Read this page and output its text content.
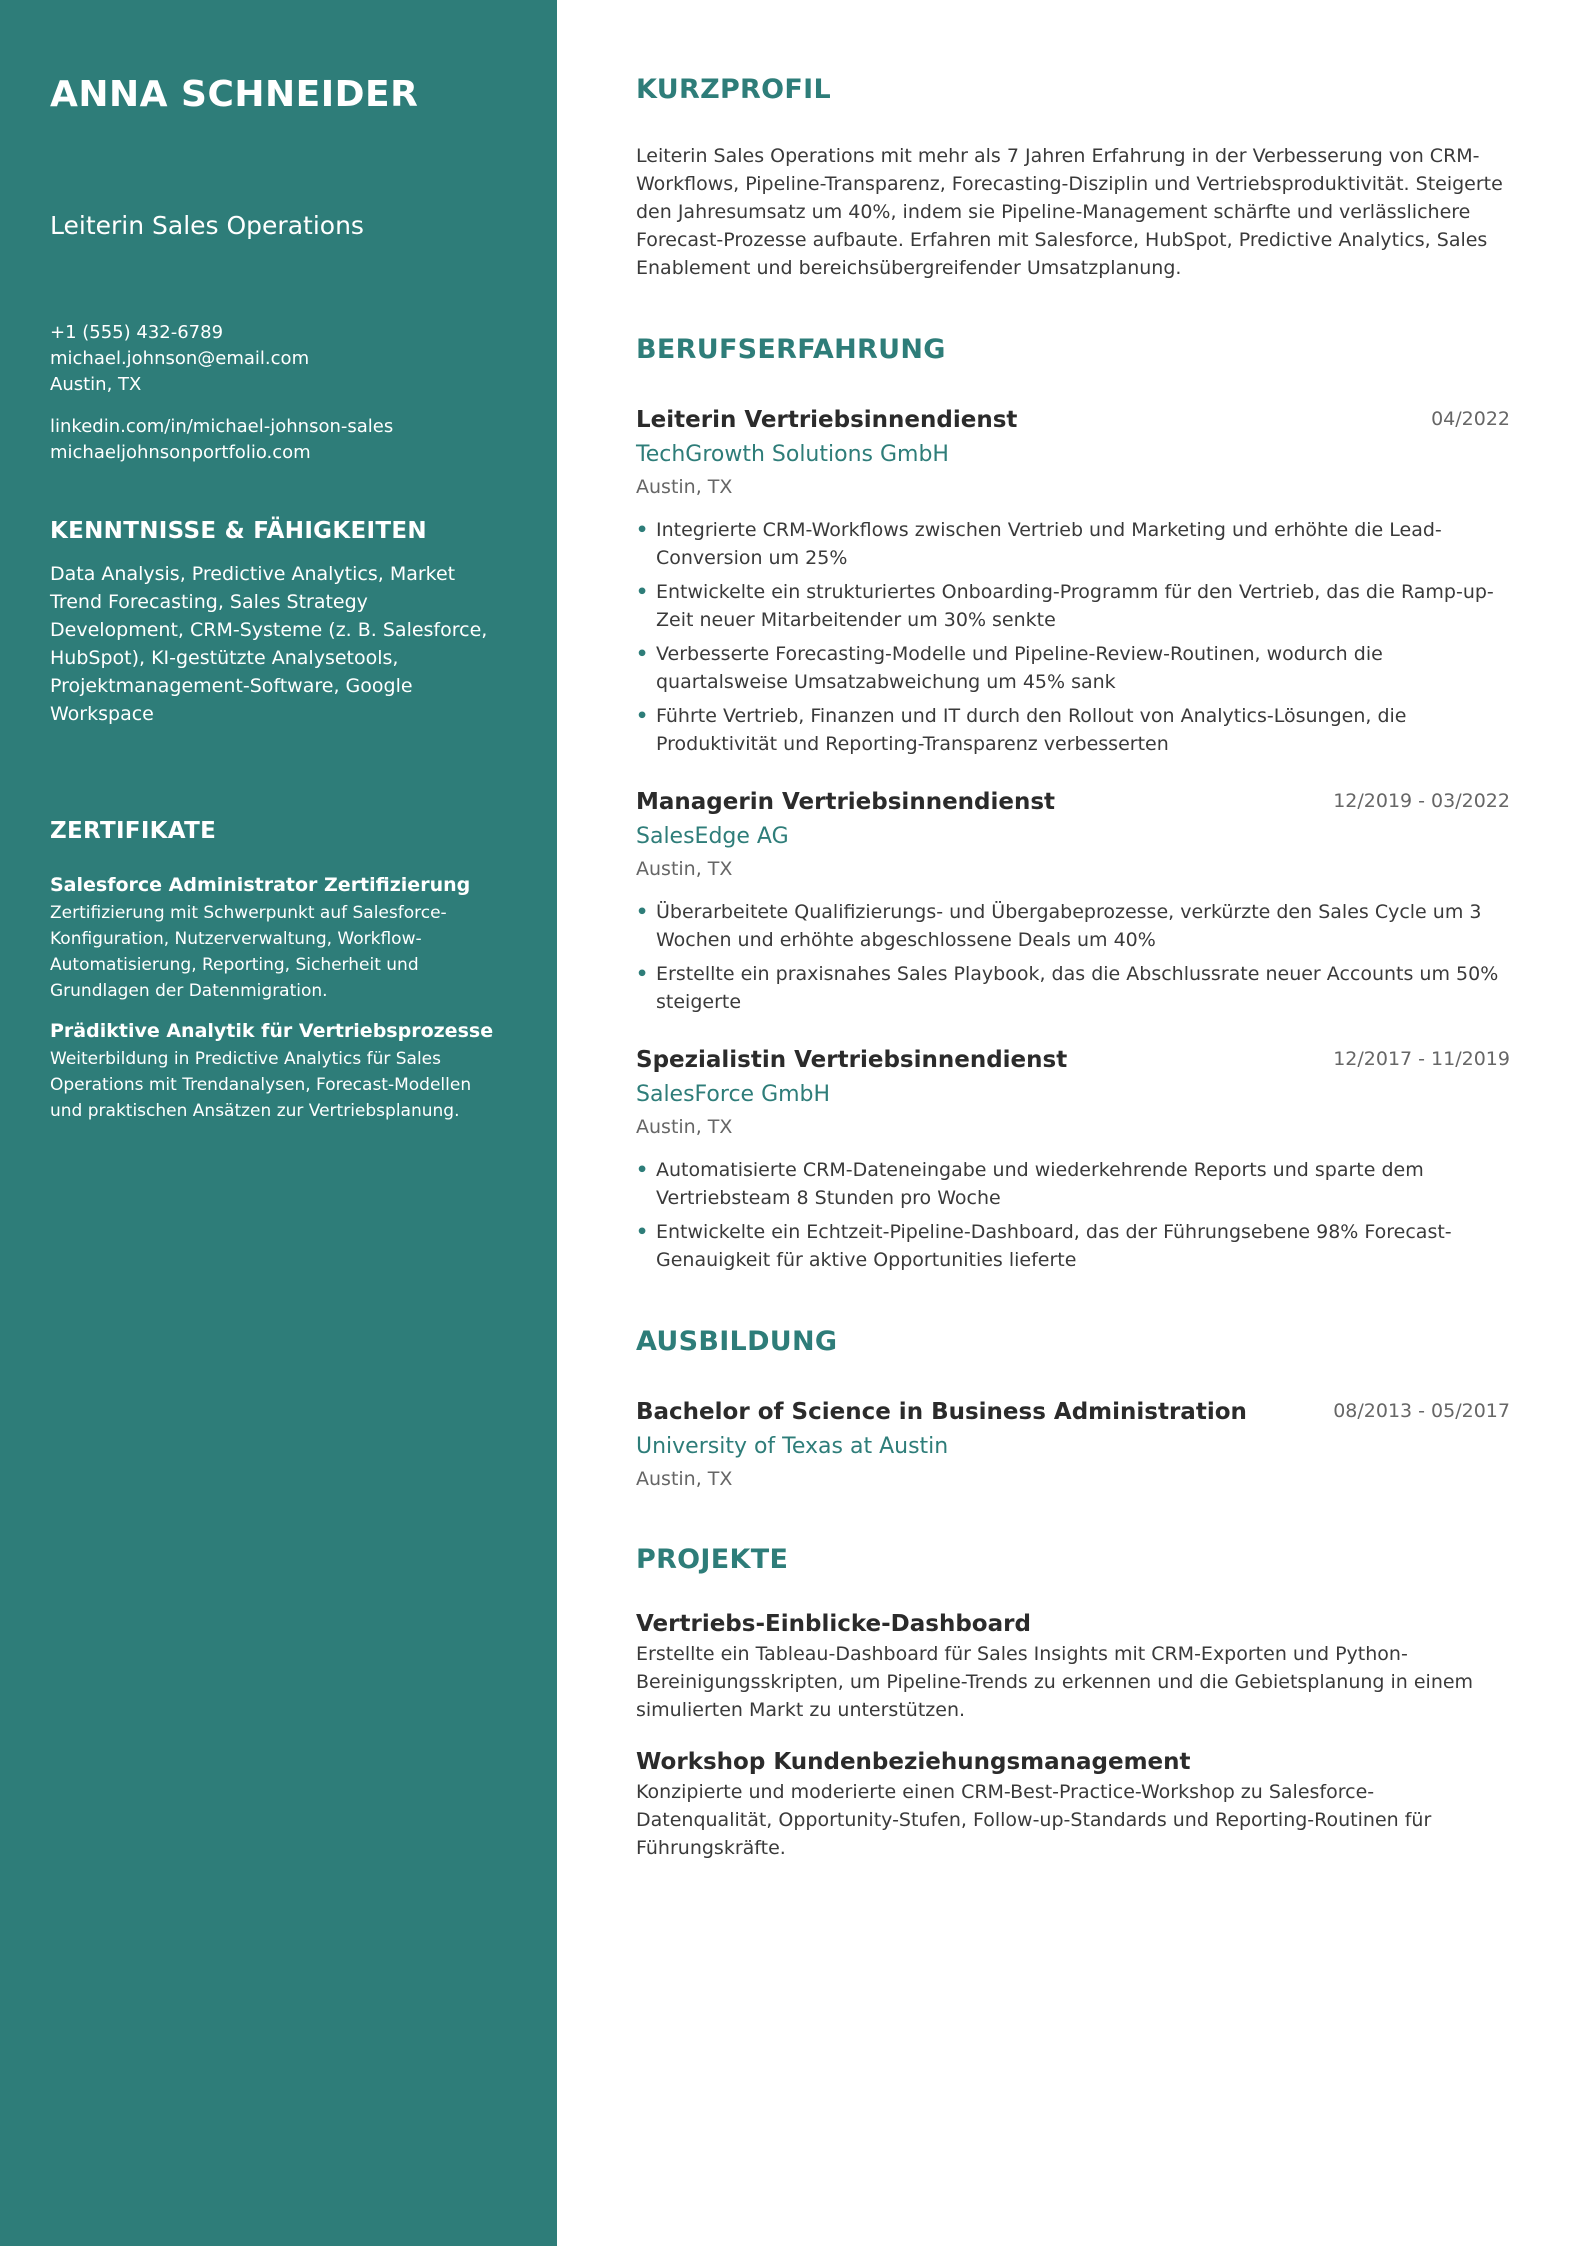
ANNA SCHNEIDER
Leiterin Sales Operations
+1 (555) 432-6789
michael.johnson@email.com
Austin, TX
linkedin.com/in/michael-johnson-sales
michaeljohnsonportfolio.com
KENNTNISSE & FÄHIGKEITEN
Data Analysis, Predictive Analytics, Market Trend Forecasting, Sales Strategy Development, CRM-Systeme (z. B. Salesforce, HubSpot), KI-gestützte Analysetools, Projektmanagement-Software, Google Workspace
ZERTIFIKATE
Salesforce Administrator Zertifizierung
Zertifizierung mit Schwerpunkt auf Salesforce-Konfiguration, Nutzerverwaltung, Workflow-Automatisierung, Reporting, Sicherheit und Grundlagen der Datenmigration.
Prädiktive Analytik für Vertriebsprozesse
Weiterbildung in Predictive Analytics für Sales Operations mit Trendanalysen, Forecast-Modellen und praktischen Ansätzen zur Vertriebsplanung.
KURZPROFIL
Leiterin Sales Operations mit mehr als 7 Jahren Erfahrung in der Verbesserung von CRM-Workflows, Pipeline-Transparenz, Forecasting-Disziplin und Vertriebsproduktivität. Steigerte den Jahresumsatz um 40%, indem sie Pipeline-Management schärfte und verlässlichere Forecast-Prozesse aufbaute. Erfahren mit Salesforce, HubSpot, Predictive Analytics, Sales Enablement und bereichsübergreifender Umsatzplanung.
BERUFSERFAHRUNG
Leiterin Vertriebsinnendienst	04/2022
TechGrowth Solutions GmbH
Austin, TX
• Integrierte CRM-Workflows zwischen Vertrieb und Marketing und erhöhte die Lead-Conversion um 25%
• Entwickelte ein strukturiertes Onboarding-Programm für den Vertrieb, das die Ramp-up-Zeit neuer Mitarbeitender um 30% senkte
• Verbesserte Forecasting-Modelle und Pipeline-Review-Routinen, wodurch die quartalsweise Umsatzabweichung um 45% sank
• Führte Vertrieb, Finanzen und IT durch den Rollout von Analytics-Lösungen, die Produktivität und Reporting-Transparenz verbesserten
Managerin Vertriebsinnendienst	12/2019 - 03/2022
SalesEdge AG
Austin, TX
• Überarbeitete Qualifizierungs- und Übergabeprozesse, verkürzte den Sales Cycle um 3 Wochen und erhöhte abgeschlossene Deals um 40%
• Erstellte ein praxisnahes Sales Playbook, das die Abschlussrate neuer Accounts um 50% steigerte
Spezialistin Vertriebsinnendienst	12/2017 - 11/2019
SalesForce GmbH
Austin, TX
• Automatisierte CRM-Dateneingabe und wiederkehrende Reports und sparte dem Vertriebsteam 8 Stunden pro Woche
• Entwickelte ein Echtzeit-Pipeline-Dashboard, das der Führungsebene 98% Forecast-Genauigkeit für aktive Opportunities lieferte
AUSBILDUNG
Bachelor of Science in Business Administration	08/2013 - 05/2017
University of Texas at Austin
Austin, TX
PROJEKTE
Vertriebs-Einblicke-Dashboard
Erstellte ein Tableau-Dashboard für Sales Insights mit CRM-Exporten und Python-Bereinigungsskripten, um Pipeline-Trends zu erkennen und die Gebietsplanung in einem simulierten Markt zu unterstützen.
Workshop Kundenbeziehungsmanagement
Konzipierte und moderierte einen CRM-Best-Practice-Workshop zu Salesforce-Datenqualität, Opportunity-Stufen, Follow-up-Standards und Reporting-Routinen für Führungskräfte.
